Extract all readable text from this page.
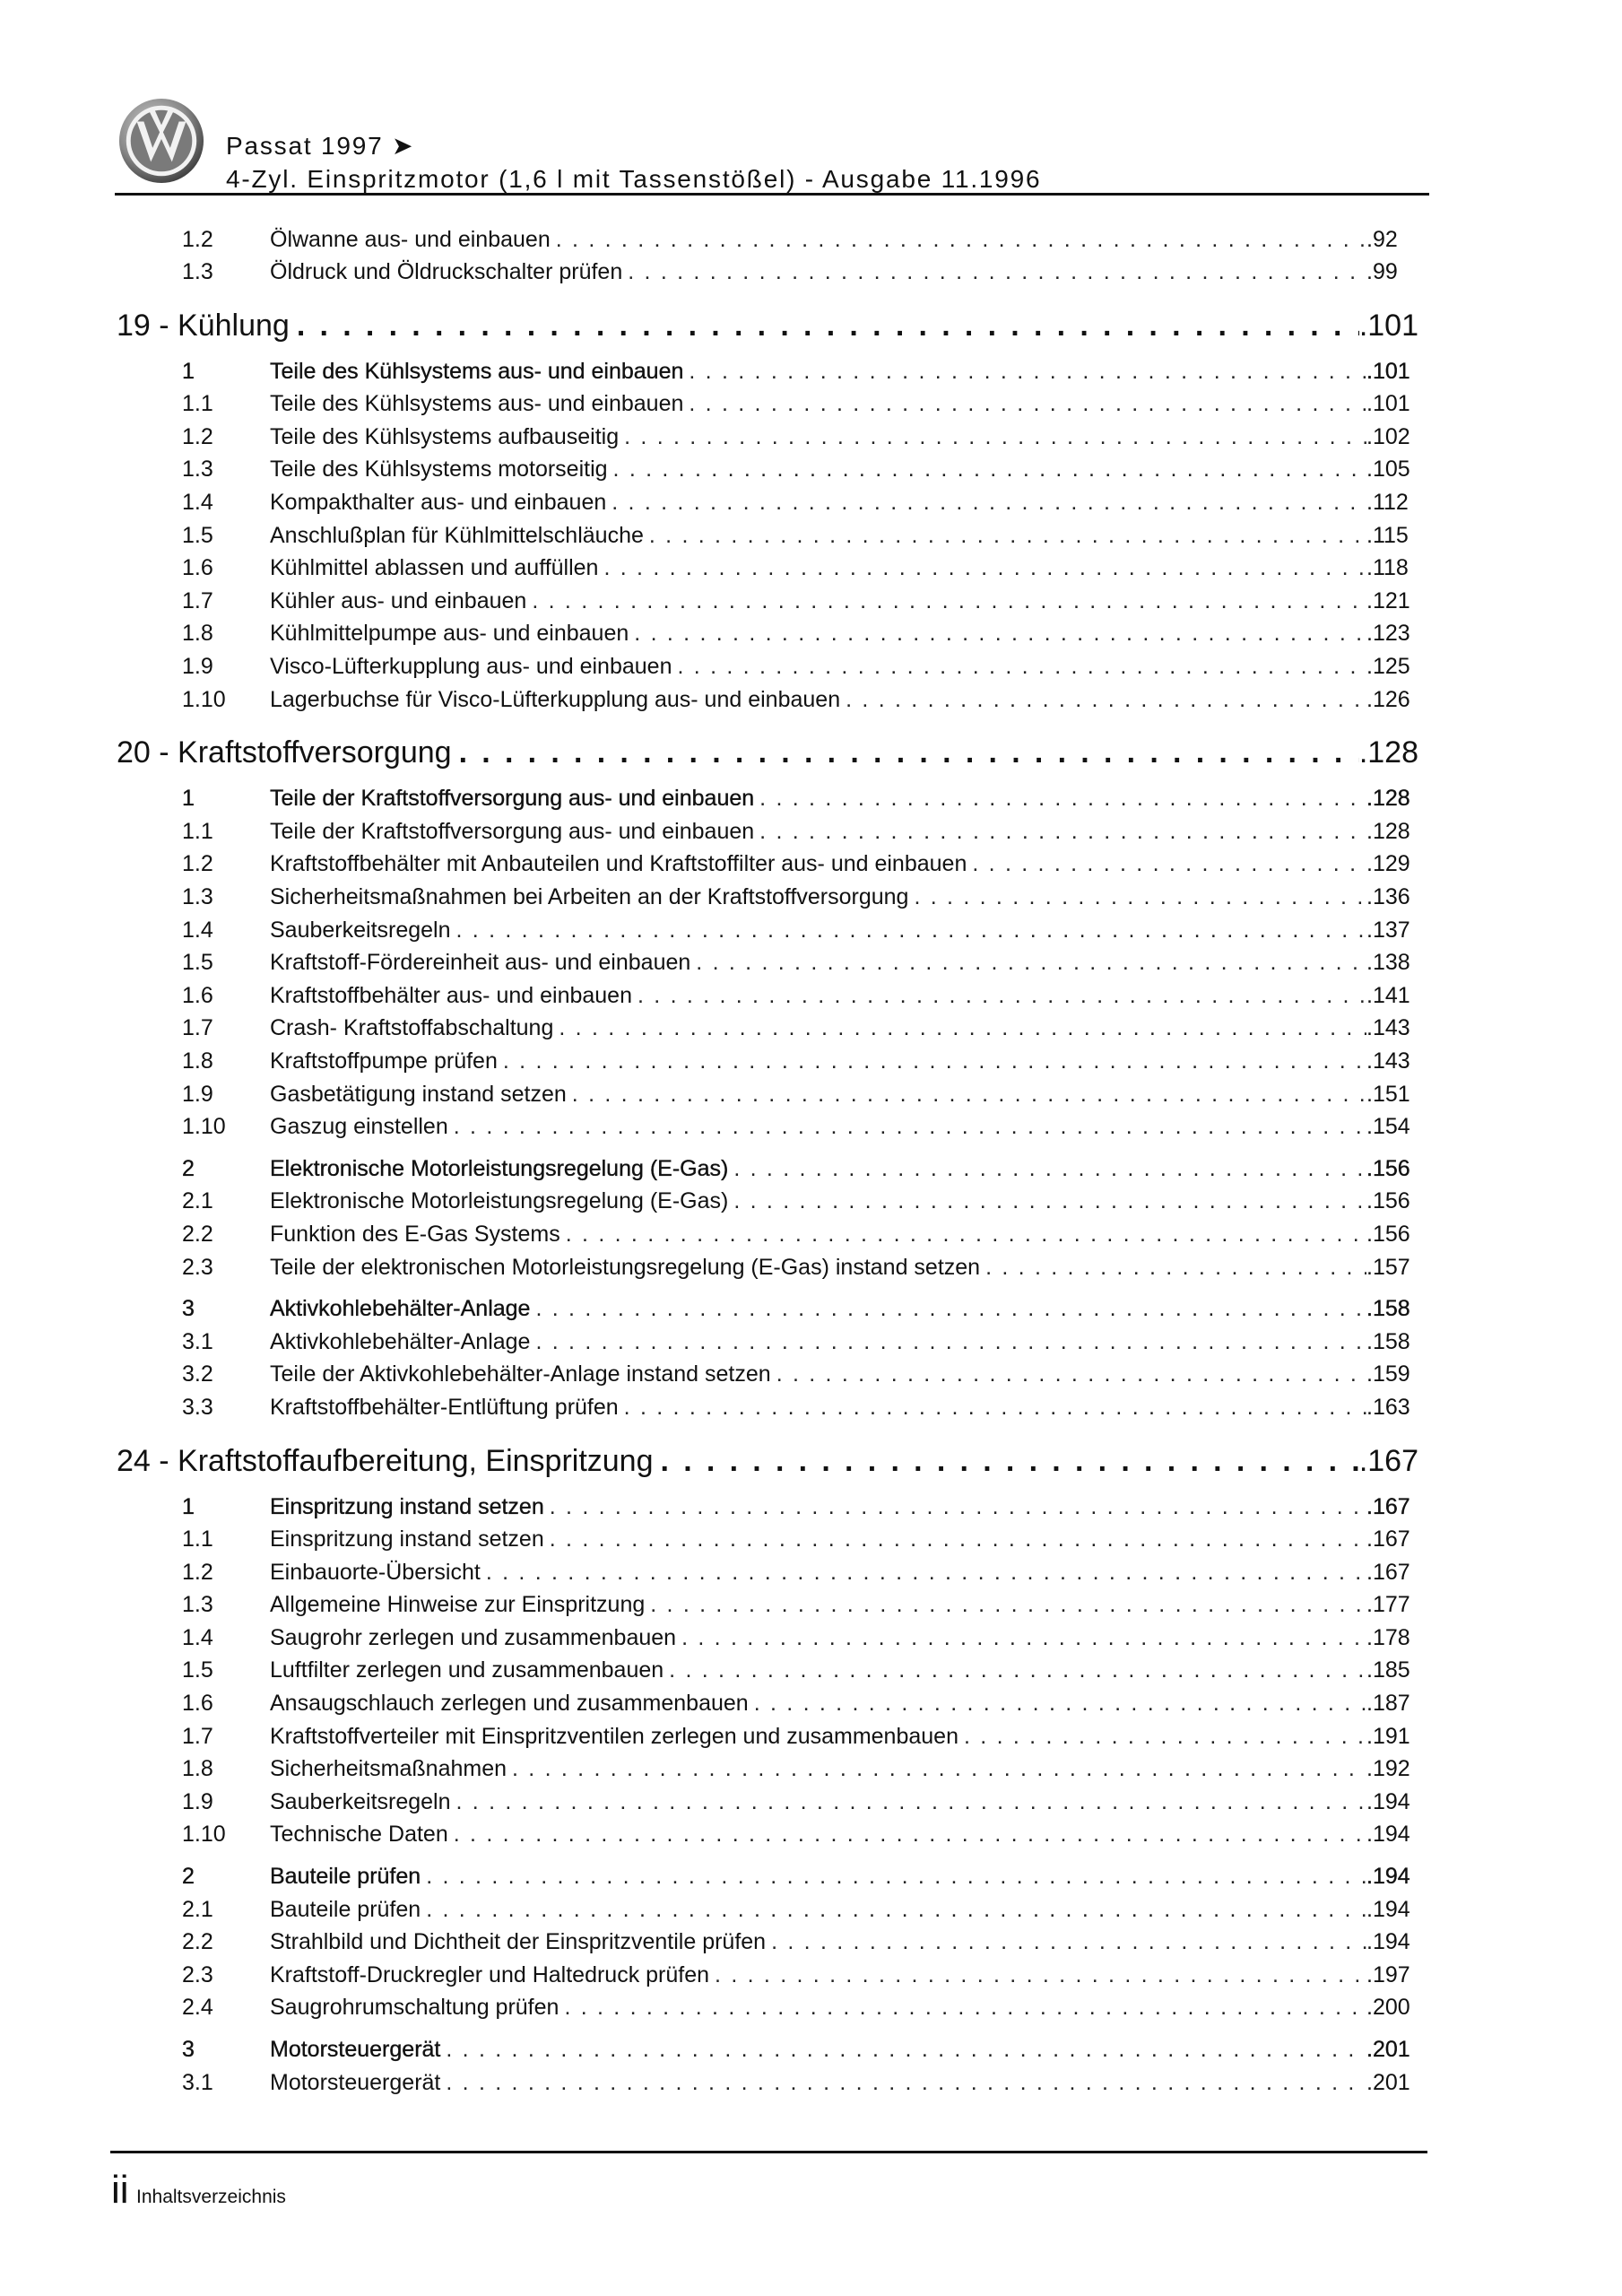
Passat 1997 ➤
4-Zyl. Einspritzmotor (1,6 l mit Tassenstößel) - Ausgabe 11.1996
1.2	Ölwanne aus- und einbauen . . .	. 92
1.3	Öldruck und Öldruckschalter prüfen . . .	. 99
19 - Kühlung . . .	. 101
1	Teile des Kühlsystems aus- und einbauen . . .	. 101
1.1	Teile des Kühlsystems aus- und einbauen . . .	. 101
1.2	Teile des Kühlsystems aufbauseitig . . .	. 102
1.3	Teile des Kühlsystems motorseitig . . .	. 105
1.4	Kompakthalter aus- und einbauen . . .	. 112
1.5	Anschlußplan für Kühlmittelschläuche . . .	. 115
1.6	Kühlmittel ablassen und auffüllen . . .	. 118
1.7	Kühler aus- und einbauen . . .	. 121
1.8	Kühlmittelpumpe aus- und einbauen . . .	. 123
1.9	Visco-Lüfterkupplung aus- und einbauen . . .	. 125
1.10	Lagerbuchse für Visco-Lüfterkupplung aus- und einbauen . . .	. 126
20 - Kraftstoffversorgung . . .	. 128
1	Teile der Kraftstoffversorgung aus- und einbauen . . .	. 128
1.1	Teile der Kraftstoffversorgung aus- und einbauen . . .	. 128
1.2	Kraftstoffbehälter mit Anbauteilen und Kraftstoffilter aus- und einbauen . . .	. 129
1.3	Sicherheitsmaßnahmen bei Arbeiten an der Kraftstoffversorgung . . .	. 136
1.4	Sauberkeitsregeln . . .	. 137
1.5	Kraftstoff-Fördereinheit aus- und einbauen . . .	. 138
1.6	Kraftstoffbehälter aus- und einbauen . . .	. 141
1.7	Crash- Kraftstoffabschaltung . . .	. 143
1.8	Kraftstoffpumpe prüfen . . .	. 143
1.9	Gasbetätigung instand setzen . . .	. 151
1.10	Gaszug einstellen . . .	. 154
2	Elektronische Motorleistungsregelung (E-Gas) . . .	. 156
2.1	Elektronische Motorleistungsregelung (E-Gas) . . .	. 156
2.2	Funktion des E-Gas Systems . . .	. 156
2.3	Teile der elektronischen Motorleistungsregelung (E-Gas) instand setzen . . .	. 157
3	Aktivkohlebehälter-Anlage . . .	. 158
3.1	Aktivkohlebehälter-Anlage . . .	. 158
3.2	Teile der Aktivkohlebehälter-Anlage instand setzen . . .	. 159
3.3	Kraftstoffbehälter-Entlüftung prüfen . . .	. 163
24 - Kraftstoffaufbereitung, Einspritzung . . .	. 167
1	Einspritzung instand setzen . . .	. 167
1.1	Einspritzung instand setzen . . .	. 167
1.2	Einbauorte-Übersicht . . .	. 167
1.3	Allgemeine Hinweise zur Einspritzung . . .	. 177
1.4	Saugrohr zerlegen und zusammenbauen . . .	. 178
1.5	Luftfilter zerlegen und zusammenbauen . . .	. 185
1.6	Ansaugschlauch zerlegen und zusammenbauen . . .	. 187
1.7	Kraftstoffverteiler mit Einspritzventilen zerlegen und zusammenbauen . . .	. 191
1.8	Sicherheitsmaßnahmen . . .	. 192
1.9	Sauberkeitsregeln . . .	. 194
1.10	Technische Daten . . .	. 194
2	Bauteile prüfen . . .	. 194
2.1	Bauteile prüfen . . .	. 194
2.2	Strahlbild und Dichtheit der Einspritzventile prüfen . . .	. 194
2.3	Kraftstoff-Druckregler und Haltedruck prüfen . . .	. 197
2.4	Saugrohrumschaltung prüfen . . .	. 200
3	Motorsteuergerät . . .	. 201
3.1	Motorsteuergerät . . .	. 201
ii Inhaltsverzeichnis
